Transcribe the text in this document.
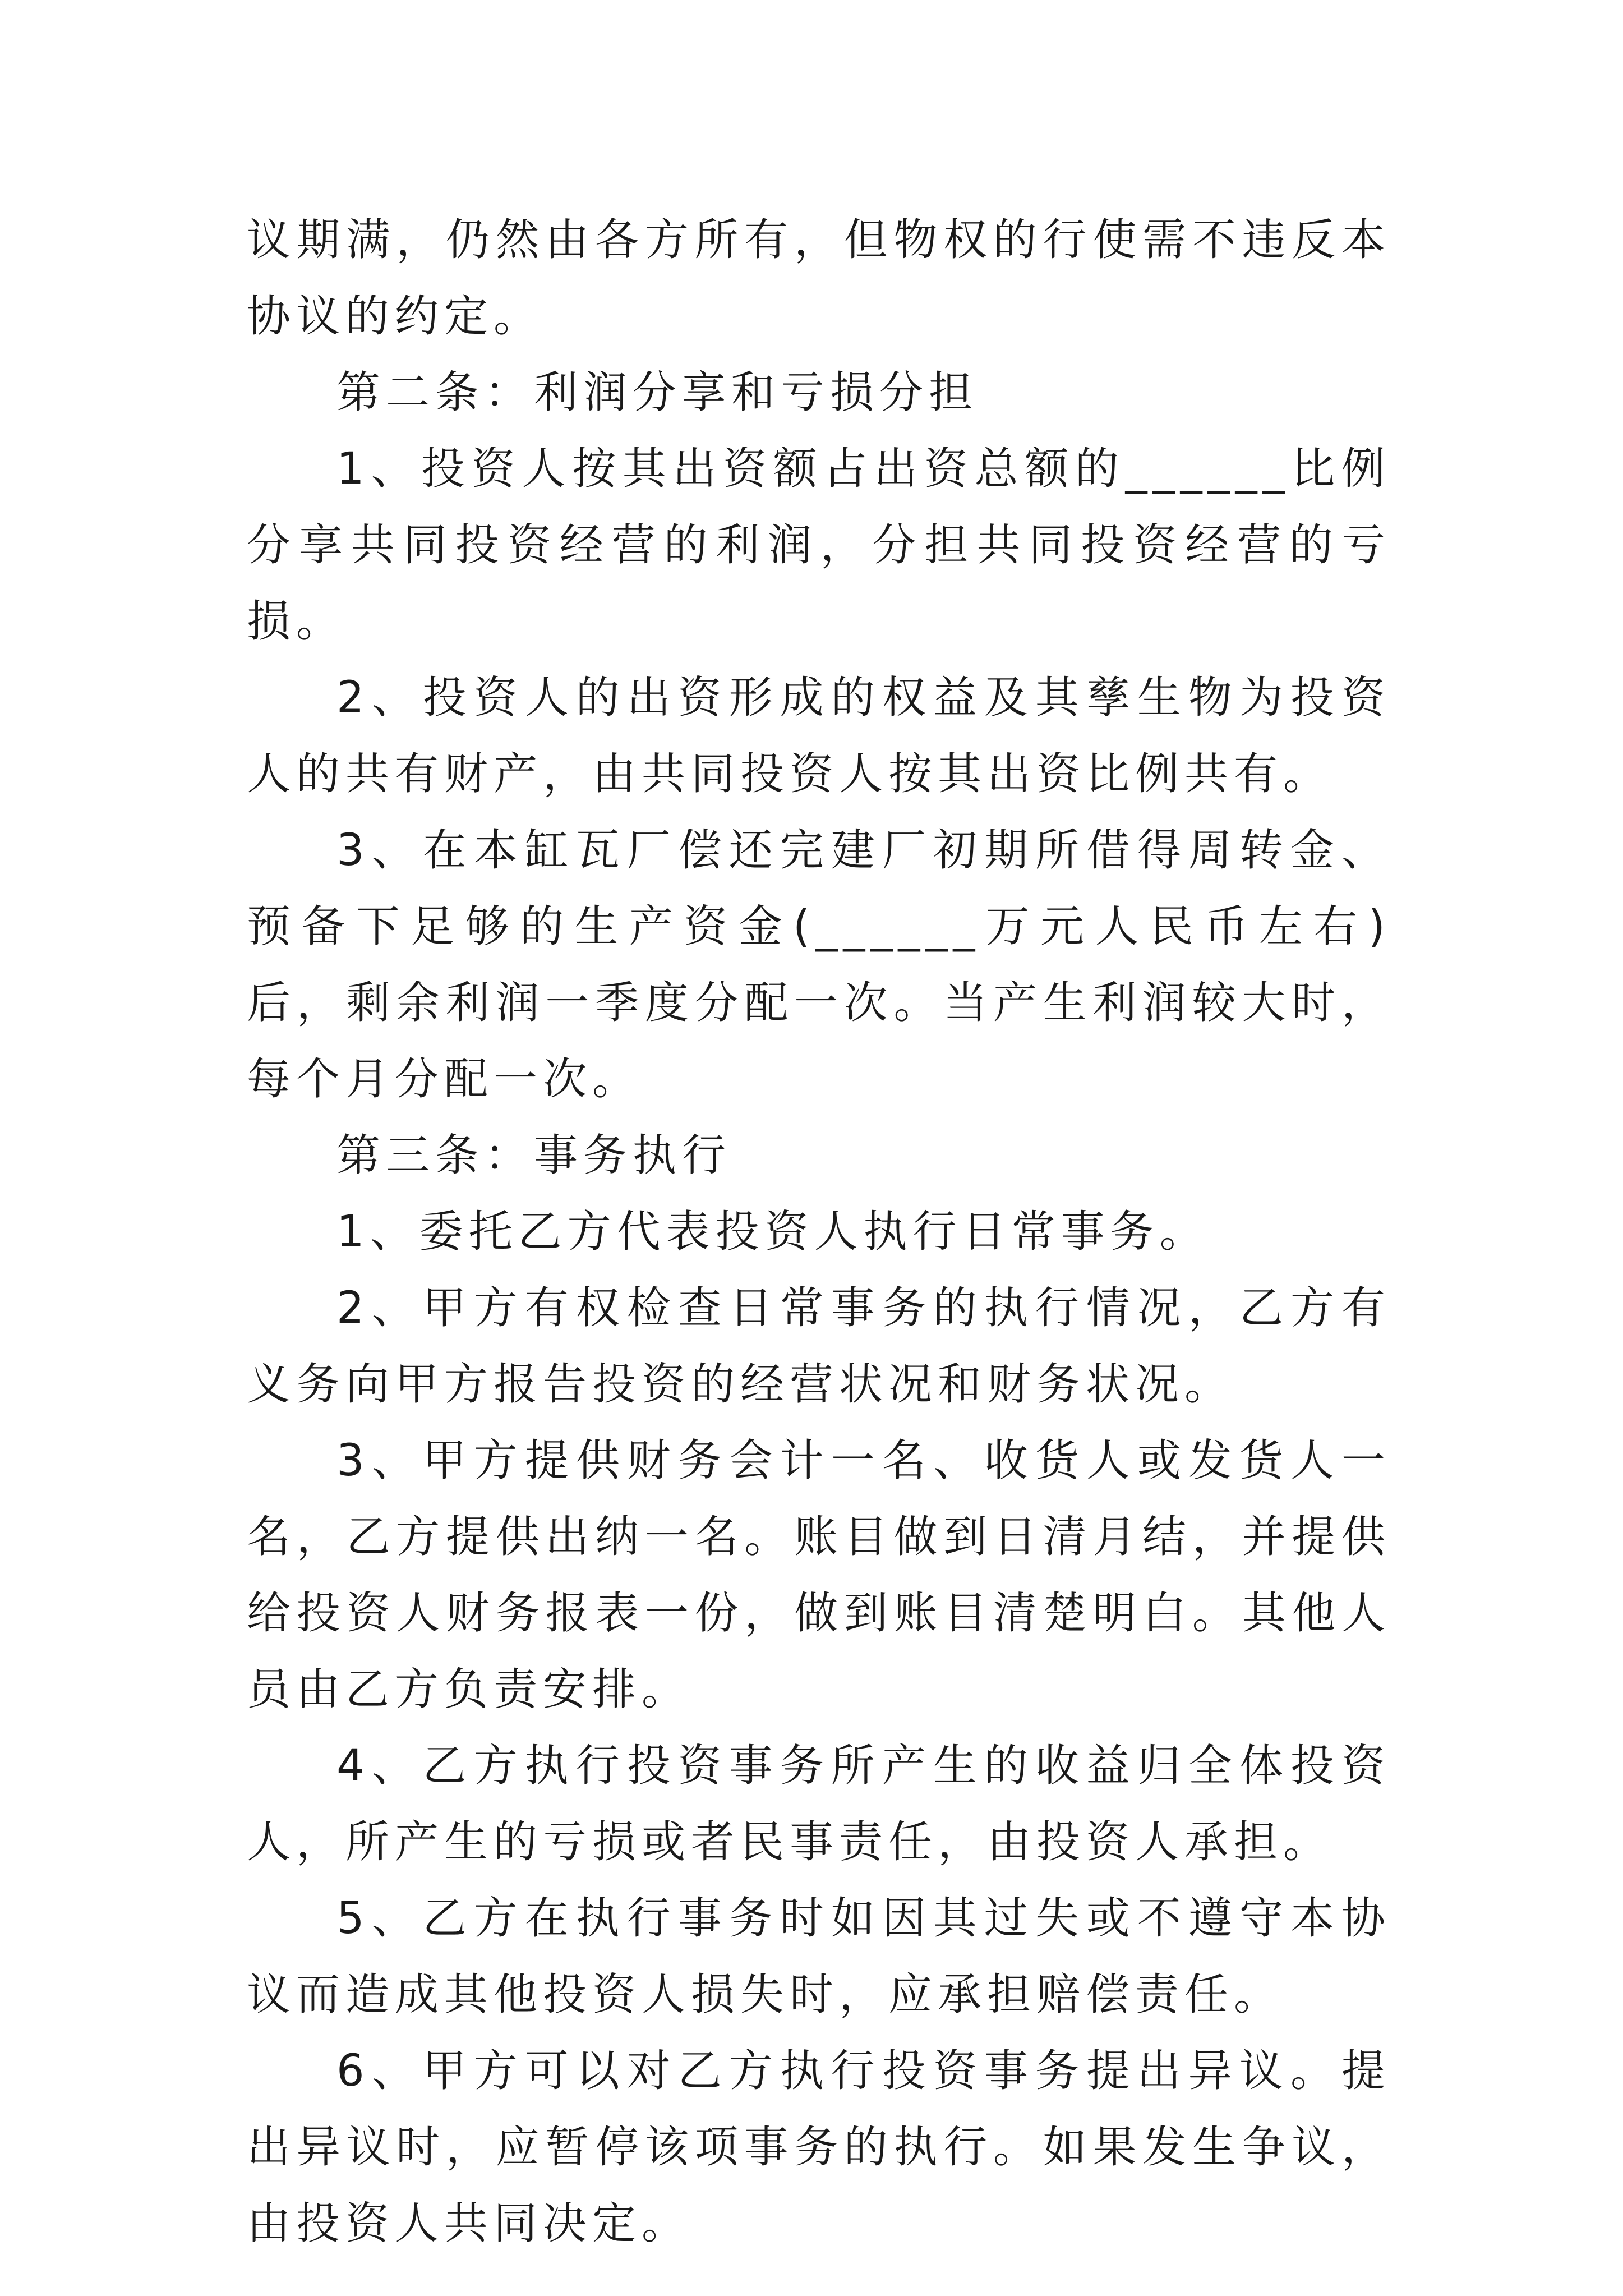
议期满，仍然由各方所有，但物权的行使需不违反本协议的约定。

第二条：利润分享和亏损分担

1、投资人按其出资额占出资总额的______比例分享共同投资经营的利润，分担共同投资经营的亏损。

2、投资人的出资形成的权益及其孳生物为投资人的共有财产，由共同投资人按其出资比例共有。

3、在本缸瓦厂偿还完建厂初期所借得周转金、预备下足够的生产资金(______万元人民币左右)后，剩余利润一季度分配一次。当产生利润较大时，每个月分配一次。

第三条：事务执行

1、委托乙方代表投资人执行日常事务。

2、甲方有权检查日常事务的执行情况，乙方有义务向甲方报告投资的经营状况和财务状况。

3、甲方提供财务会计一名、收货人或发货人一名，乙方提供出纳一名。账目做到日清月结，并提供给投资人财务报表一份，做到账目清楚明白。其他人员由乙方负责安排。

4、乙方执行投资事务所产生的收益归全体投资人，所产生的亏损或者民事责任，由投资人承担。

5、乙方在执行事务时如因其过失或不遵守本协议而造成其他投资人损失时，应承担赔偿责任。

6、甲方可以对乙方执行投资事务提出异议。提出异议时，应暂停该项事务的执行。如果发生争议，由投资人共同决定。
